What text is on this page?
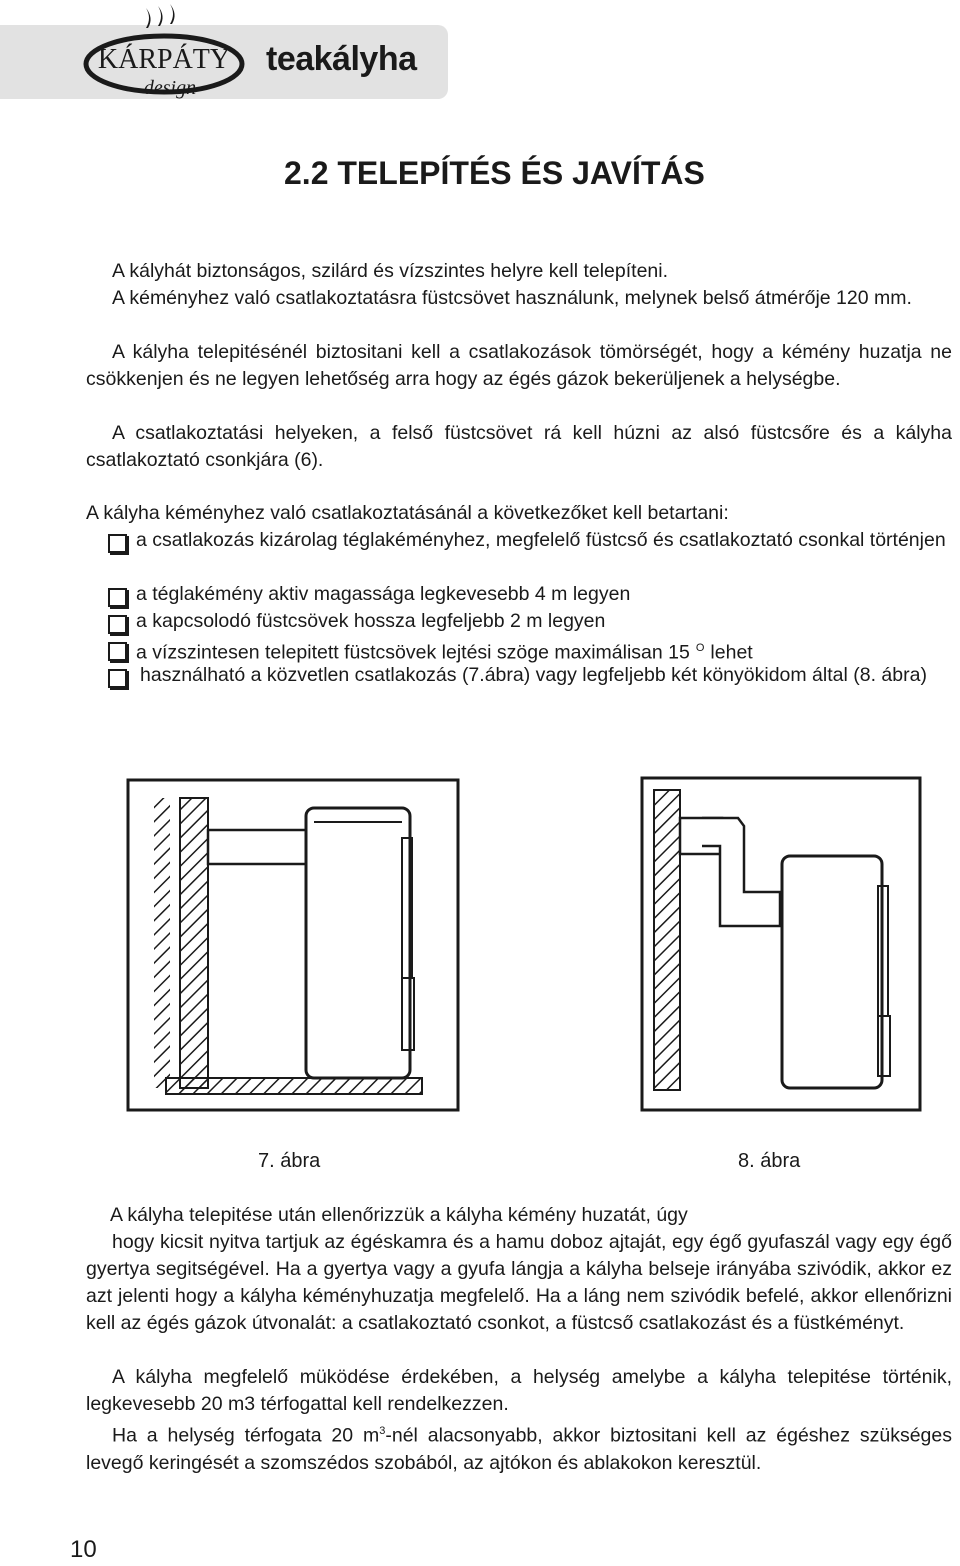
KÁRPÁTY
design
teakályha
2.2 TELEPÍTÉS ÉS JAVÍTÁS
A kályhát biztonságos, szilárd és vízszintes helyre kell telepíteni.
A kéményhez való csatlakoztatásra füstcsövet használunk, melynek belső átmérője 120 mm.
A kályha telepitésénél biztositani kell a csatlakozások tömörségét, hogy a kémény huzatja ne csökkenjen és ne legyen lehetőség arra hogy az égés gázok bekerüljenek a helységbe.
A csatlakoztatási helyeken, a felső füstcsövet rá kell húzni az alsó füstcsőre és a kályha csatlakoztató csonkjára (6).
A kályha kéményhez való csatlakoztatásánál a következőket kell betartani:
a csatlakozás kizárolag téglakéményhez, megfelelő füstcső és csatlakoztató csonkal történjen
a téglakémény aktiv magassága legkevesebb 4 m legyen
a kapcsolodó füstcsövek hossza legfeljebb 2 m legyen
a vízszintesen telepitett füstcsövek lejtési szöge maximálisan 15 $^O$ lehet
használható a közvetlen csatlakozás (7.ábra) vagy legfeljebb két könyökidom által (8. ábra)
7. ábra	8. ábra
A kályha telepitése után ellenőrizzük a kályha kémény huzatát, úgy
hogy kicsit nyitva tartjuk az égéskamra és a hamu doboz ajtaját, egy égő gyufaszál vagy egy égő gyertya segitségével. Ha a gyertya vagy a gyufa lángja a kályha belseje irányába szivódik, akkor ez azt jelenti hogy a kályha kéményhuzatja megfelelő. Ha a láng nem szivódik befelé, akkor ellenőrizni kell az égés gázok útvonalát: a csatlakoztató csonkot, a füstcső csatlakozást és a füstkéményt.
A kályha megfelelő müködése érdekében, a helység amelybe a kályha telepitése történik, legkevesebb 20 m3 térfogattal kell rendelkezzen.
Ha a helység térfogata 20 $m^3$-nél alacsonyabb, akkor biztositani kell az égéshez szükséges levegő keringését a szomszédos szobából, az ajtókon és ablakokon keresztül.
10
